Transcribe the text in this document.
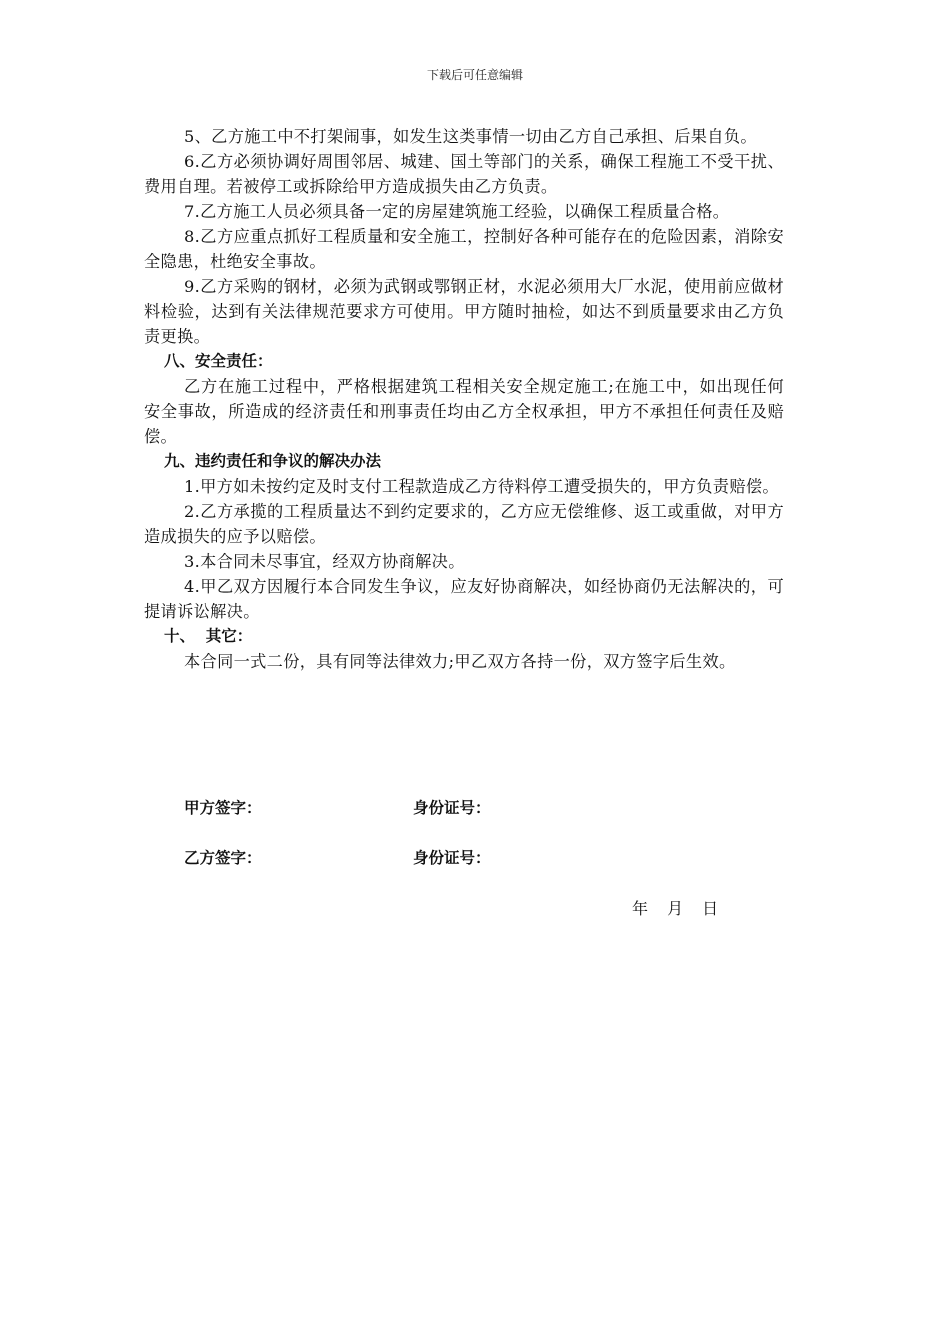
下载后可任意编辑

5、乙方施工中不打架闹事，如发生这类事情一切由乙方自己承担、后果自负。

6.乙方必须协调好周围邻居、城建、国土等部门的关系，确保工程施工不受干扰、费用自理。若被停工或拆除给甲方造成损失由乙方负责。

7.乙方施工人员必须具备一定的房屋建筑施工经验，以确保工程质量合格。

8.乙方应重点抓好工程质量和安全施工，控制好各种可能存在的危险因素，消除安全隐患，杜绝安全事故。

9.乙方采购的钢材，必须为武钢或鄂钢正材，水泥必须用大厂水泥，使用前应做材料检验，达到有关法律规范要求方可使用。甲方随时抽检，如达不到质量要求由乙方负责更换。

八、安全责任：

乙方在施工过程中，严格根据建筑工程相关安全规定施工;在施工中，如出现任何安全事故，所造成的经济责任和刑事责任均由乙方全权承担，甲方不承担任何责任及赔偿。

九、违约责任和争议的解决办法

1.甲方如未按约定及时支付工程款造成乙方待料停工遭受损失的，甲方负责赔偿。

2.乙方承揽的工程质量达不到约定要求的，乙方应无偿维修、返工或重做，对甲方造成损失的应予以赔偿。

3.本合同未尽事宜，经双方协商解决。

4.甲乙双方因履行本合同发生争议，应友好协商解决，如经协商仍无法解决的，可提请诉讼解决。

十、  其它：

本合同一式二份，具有同等法律效力;甲乙双方各持一份，双方签字后生效。

甲方签字：	身份证号：
乙方签字：	身份证号：
年 月 日
